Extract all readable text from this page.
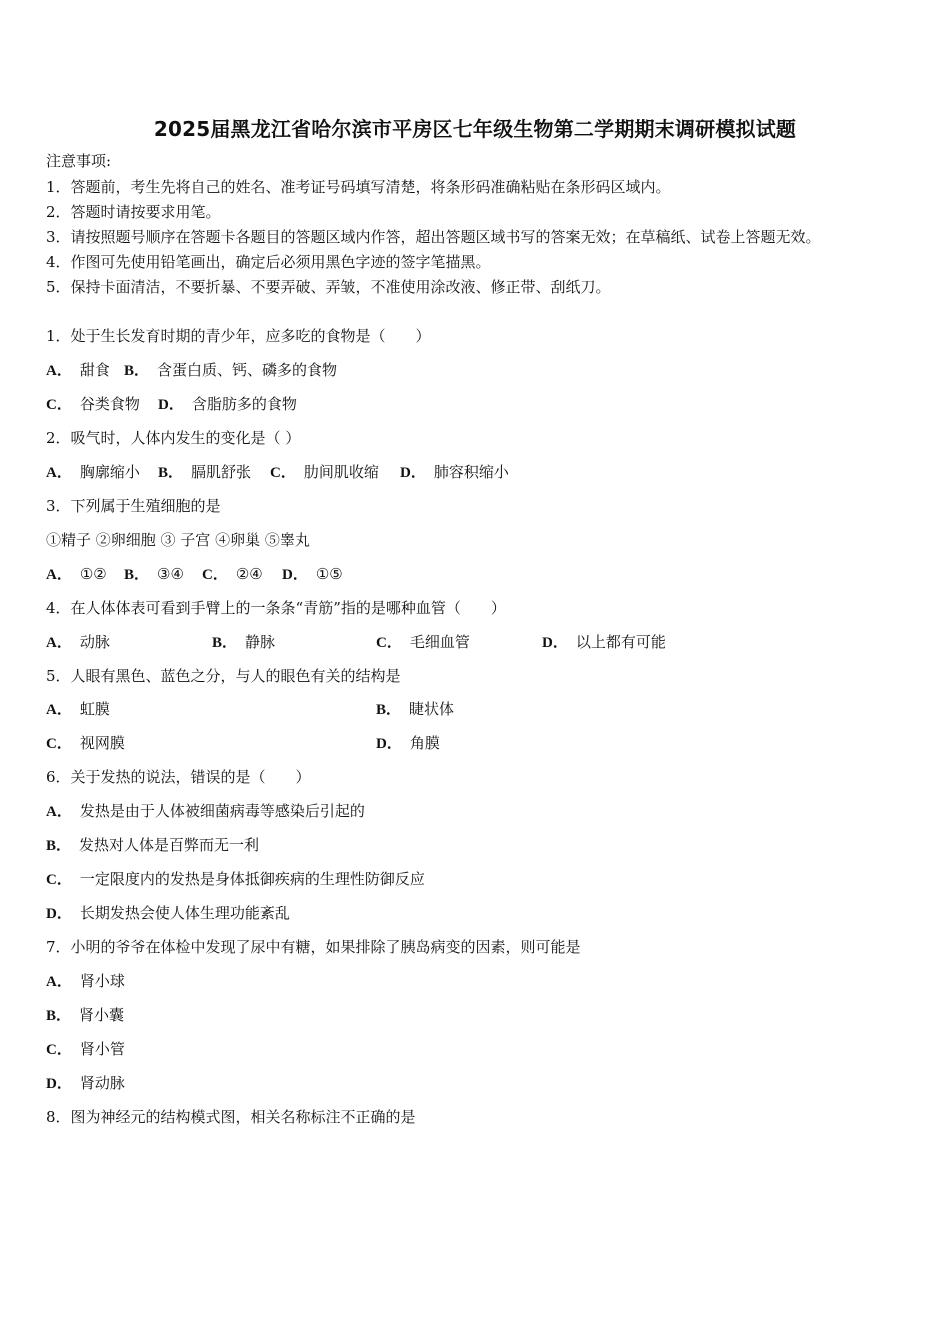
2025届黑龙江省哈尔滨市平房区七年级生物第二学期期末调研模拟试题
注意事项:
1．答题前，考生先将自己的姓名、准考证号码填写清楚，将条形码准确粘贴在条形码区域内。
2．答题时请按要求用笔。
3．请按照题号顺序在答题卡各题目的答题区域内作答，超出答题区域书写的答案无效；在草稿纸、试卷上答题无效。
4．作图可先使用铅笔画出，确定后必须用黑色字迹的签字笔描黑。
5．保持卡面清洁，不要折暴、不要弄破、弄皱，不准使用涂改液、修正带、刮纸刀。
1．处于生长发育时期的青少年，应多吃的食物是（　　）
A． 甜食 B． 含蛋白质、钙、磷多的食物
C． 谷类食物 D． 含脂肪多的食物
2．吸气时，人体内发生的变化是（ ）
A． 胸廓缩小 B． 膈肌舒张 C． 肋间肌收缩 D． 肺容积缩小
3．下列属于生殖细胞的是
①精子 ②卵细胞 ③ 子宫 ④卵巢 ⑤睾丸
A． ①② B． ③④ C． ②④ D． ①⑤
4．在人体体表可看到手臂上的一条条“青筋”指的是哪种血管（　　）
A． 动脉	B． 静脉	C． 毛细血管	D． 以上都有可能
5．人眼有黑色、蓝色之分，与人的眼色有关的结构是
A． 虹膜	B． 睫状体
C． 视网膜	D． 角膜
6．关于发热的说法，错误的是（　　）
A． 发热是由于人体被细菌病毒等感染后引起的
B． 发热对人体是百弊而无一利
C． 一定限度内的发热是身体抵御疾病的生理性防御反应
D． 长期发热会使人体生理功能紊乱
7．小明的爷爷在体检中发现了尿中有糖，如果排除了胰岛病变的因素，则可能是
A． 肾小球
B． 肾小囊
C． 肾小管
D． 肾动脉
8．图为神经元的结构模式图，相关名称标注不正确的是
